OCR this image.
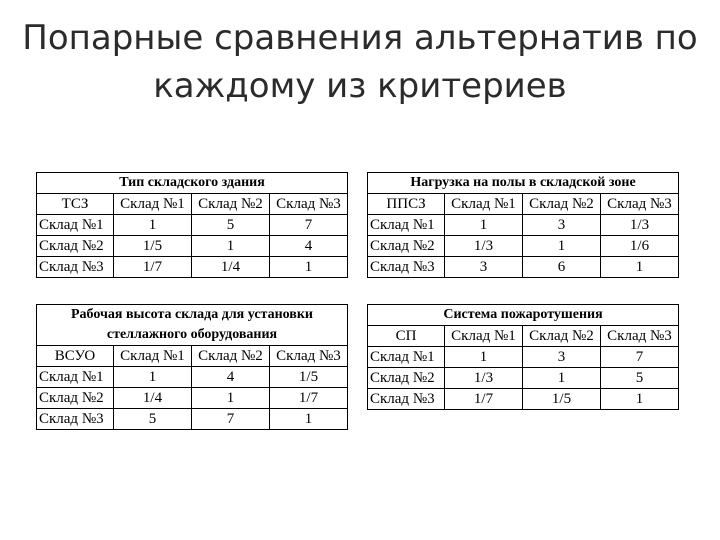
Попарные сравнения альтернатив по
каждому из критериев
Тип складского здания			
ТСЗ	Склад №1	Склад №2	Склад №3
Склад №1	1	5	7
Склад №2	1/5	1	4
Склад №3	1/7	1/4	1
Нагрузка на полы в складской зоне			
ППСЗ	Склад №1	Склад №2	Склад №3
Склад №1	1	3	1/3
Склад №2	1/3	1	1/6
Склад №3	3	6	1
Рабочая высота склада для установки стеллажного оборудования			
ВСУО	Склад №1	Склад №2	Склад №3
Склад №1	1	4	1/5
Склад №2	1/4	1	1/7
Склад №3	5	7	1
Система пожаротушения			
СП	Склад №1	Склад №2	Склад №3
Склад №1	1	3	7
Склад №2	1/3	1	5
Склад №3	1/7	1/5	1
